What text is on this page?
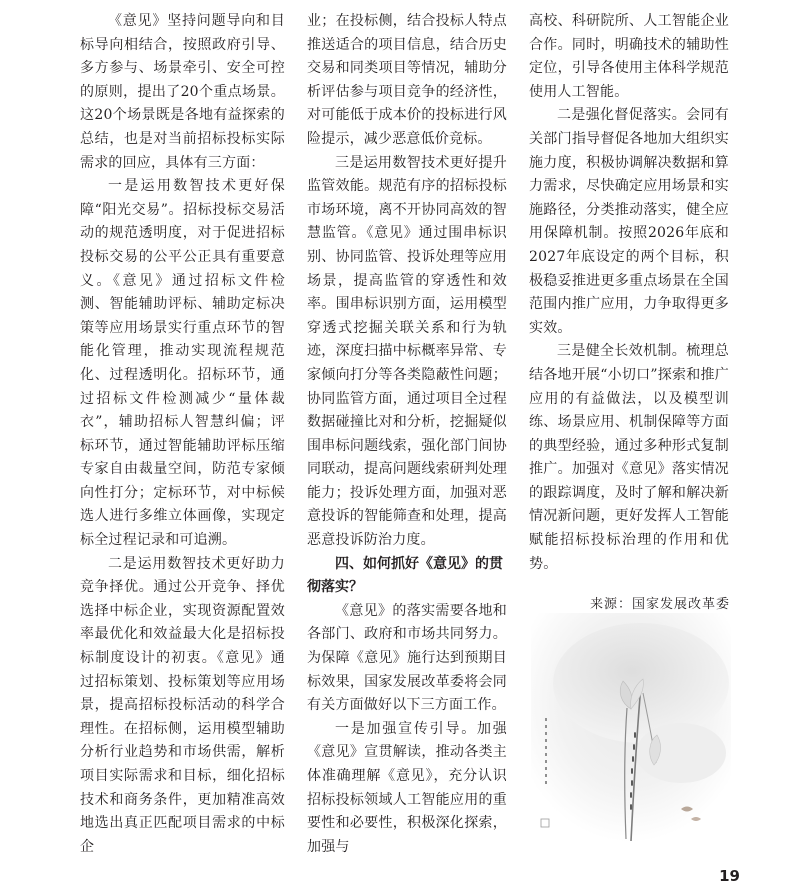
《意见》坚持问题导向和目标导向相结合，按照政府引导、多方参与、场景牵引、安全可控的原则，提出了20个重点场景。这20个场景既是各地有益探索的总结，也是对当前招标投标实际需求的回应，具体有三方面：

一是运用数智技术更好保障“阳光交易”。招标投标交易活动的规范透明度，对于促进招标投标交易的公平公正具有重要意义。《意见》通过招标文件检测、智能辅助评标、辅助定标决策等应用场景实行重点环节的智能化管理，推动实现流程规范化、过程透明化。招标环节，通过招标文件检测减少“量体裁衣”，辅助招标人智慧纠偏；评标环节，通过智能辅助评标压缩专家自由裁量空间，防范专家倾向性打分；定标环节，对中标候选人进行多维立体画像，实现定标全过程记录和可追溯。

二是运用数智技术更好助力竞争择优。通过公开竞争、择优选择中标企业，实现资源配置效率最优化和效益最大化是招标投标制度设计的初衷。《意见》通过招标策划、投标策划等应用场景，提高招标投标活动的科学合理性。在招标侧，运用模型辅助分析行业趋势和市场供需，解析项目实际需求和目标，细化招标技术和商务条件，更加精准高效地选出真正匹配项目需求的中标企

业；在投标侧，结合投标人特点推送适合的项目信息，结合历史交易和同类项目等情况，辅助分析评估参与项目竞争的经济性，对可能低于成本价的投标进行风险提示，减少恶意低价竞标。

三是运用数智技术更好提升监管效能。规范有序的招标投标市场环境，离不开协同高效的智慧监管。《意见》通过围串标识别、协同监管、投诉处理等应用场景，提高监管的穿透性和效率。围串标识别方面，运用模型穿透式挖掘关联关系和行为轨迹，深度扫描中标概率异常、专家倾向打分等各类隐蔽性问题；协同监管方面，通过项目全过程数据碰撞比对和分析，挖掘疑似围串标问题线索，强化部门间协同联动，提高问题线索研判处理能力；投诉处理方面，加强对恶意投诉的智能筛查和处理，提高恶意投诉防治力度。

四、如何抓好《意见》的贯彻落实？

《意见》的落实需要各地和各部门、政府和市场共同努力。为保障《意见》施行达到预期目标效果，国家发展改革委将会同有关方面做好以下三方面工作。

一是加强宣传引导。加强《意见》宣贯解读，推动各类主体准确理解《意见》，充分认识招标投标领域人工智能应用的重要性和必要性，积极深化探索，加强与

高校、科研院所、人工智能企业合作。同时，明确技术的辅助性定位，引导各使用主体科学规范使用人工智能。

二是强化督促落实。会同有关部门指导督促各地加大组织实施力度，积极协调解决数据和算力需求，尽快确定应用场景和实施路径，分类推动落实，健全应用保障机制。按照2026年底和2027年底设定的两个目标，积极稳妥推进更多重点场景在全国范围内推广应用，力争取得更多实效。

三是健全长效机制。梳理总结各地开展“小切口”探索和推广应用的有益做法，以及模型训练、场景应用、机制保障等方面的典型经验，通过多种形式复制推广。加强对《意见》落实情况的跟踪调度，及时了解和解决新情况新问题，更好发挥人工智能赋能招标投标治理的作用和优势。

来源：国家发展改革委
19
